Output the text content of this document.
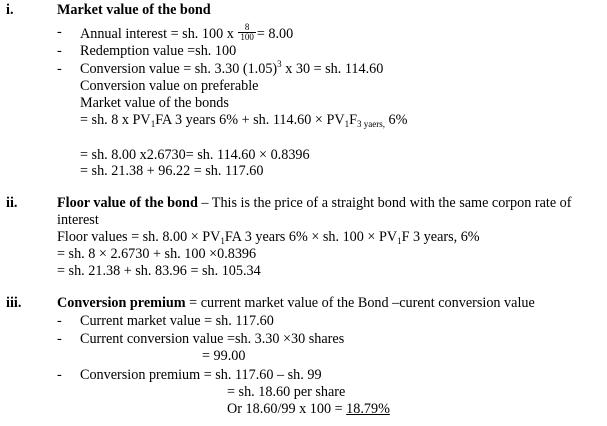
i.	Market value of the bond
- Annual interest = sh. 100 x $\frac{8}{100} = 8.00$
- Redemption value =sh. 100
- Conversion value = sh. 3.30 $(1.05)^3$ x 30 = sh. 114.60
Conversion value on preferable
Market value of the bonds
= sh. 8 x $PV_1FA$ 3 years 6% + sh. $114.60 \times PV_1F_{3 yaers,}$ 6%
= sh. 8.00 x2.6730= sh. 114.60 × 0.8396
= sh. 21.38 + 96.22 = sh. 117.60
ii.	Floor value of the bond – This is the price of a straight bond with the same corpon rate of
interest
Floor values = sh. $8.00 \times PV_1FA$ 3 years 6% × sh. $100 \times PV_1F$ 3 years, 6%
= sh. 8 × 2.6730 + sh. 100 ×0.8396
= sh. 21.38 + sh. 83.96 = sh. 105.34
iii.	Conversion premium = current market value of the Bond –curent conversion value
- Current market value = sh. 117.60
- Current conversion value =sh. 3.30 ×30 shares
= 99.00
- Conversion premium = sh. 117.60 – sh. 99
= sh. 18.60 per share
Or 18.60/99 x 100 = 18.79%
